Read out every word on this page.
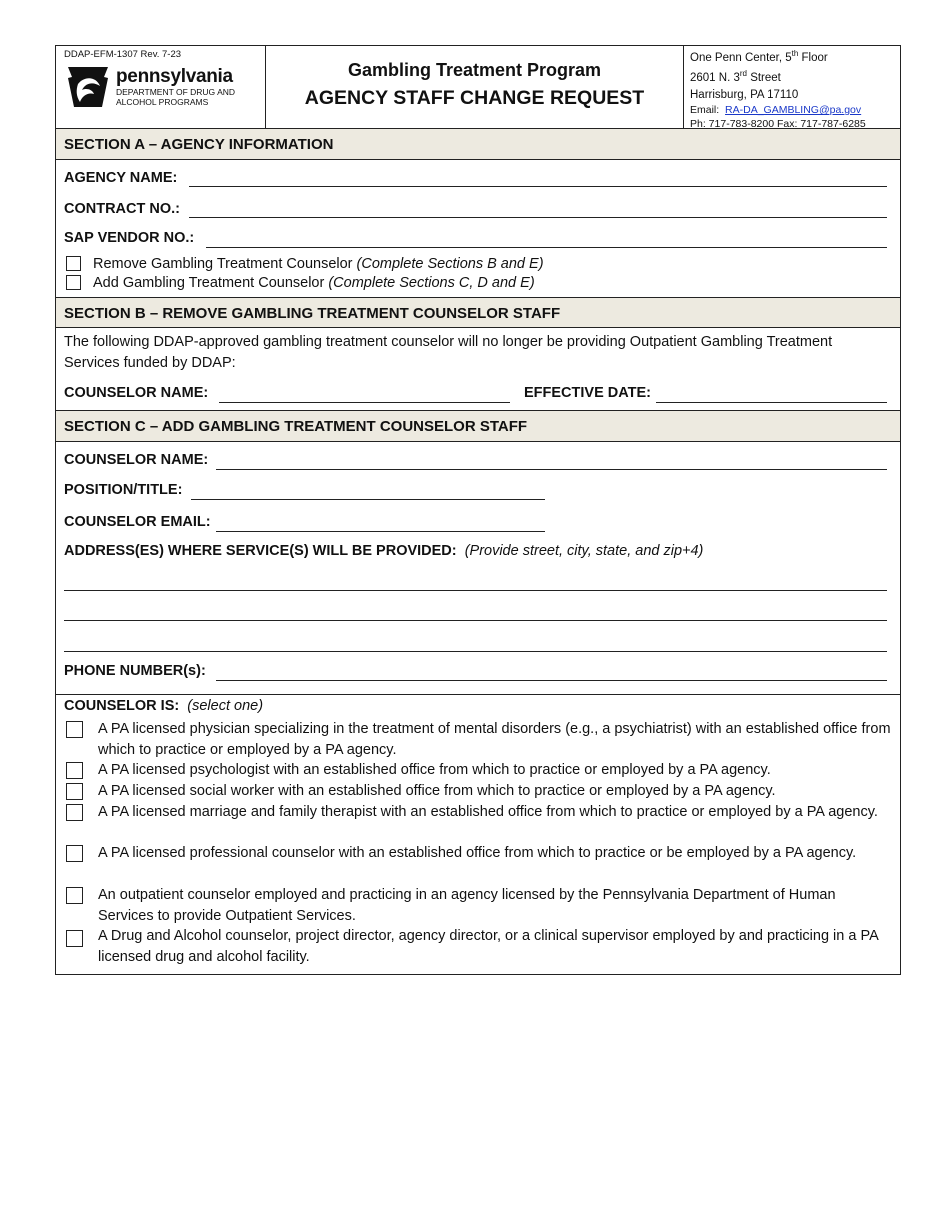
DDAP-EFM-1307 Rev. 7-23
pennsylvania
DEPARTMENT OF DRUG AND
ALCOHOL PROGRAMS
Gambling Treatment Program
AGENCY STAFF CHANGE REQUEST
One Penn Center, 5th Floor
2601 N. 3rd Street
Harrisburg, PA 17110
Email: RA-DA_GAMBLING@pa.gov
Ph: 717-783-8200 Fax: 717-787-6285
SECTION A – AGENCY INFORMATION
AGENCY NAME:
CONTRACT NO.:
SAP VENDOR NO.:
Remove Gambling Treatment Counselor (Complete Sections B and E)
Add Gambling Treatment Counselor (Complete Sections C, D and E)
SECTION B – REMOVE GAMBLING TREATMENT COUNSELOR STAFF
The following DDAP-approved gambling treatment counselor will no longer be providing Outpatient Gambling Treatment Services funded by DDAP:
COUNSELOR NAME:	EFFECTIVE DATE:
SECTION C – ADD GAMBLING TREATMENT COUNSELOR STAFF
COUNSELOR NAME:
POSITION/TITLE:
COUNSELOR EMAIL:
ADDRESS(ES) WHERE SERVICE(S) WILL BE PROVIDED: (Provide street, city, state, and zip+4)
PHONE NUMBER(s):
COUNSELOR IS: (select one)
A PA licensed physician specializing in the treatment of mental disorders (e.g., a psychiatrist) with an established office from which to practice or employed by a PA agency.
A PA licensed psychologist with an established office from which to practice or employed by a PA agency.
A PA licensed social worker with an established office from which to practice or employed by a PA agency.
A PA licensed marriage and family therapist with an established office from which to practice or employed by a PA agency.
A PA licensed professional counselor with an established office from which to practice or be employed by a PA agency.
An outpatient counselor employed and practicing in an agency licensed by the Pennsylvania Department of Human Services to provide Outpatient Services.
A Drug and Alcohol counselor, project director, agency director, or a clinical supervisor employed by and practicing in a PA licensed drug and alcohol facility.
